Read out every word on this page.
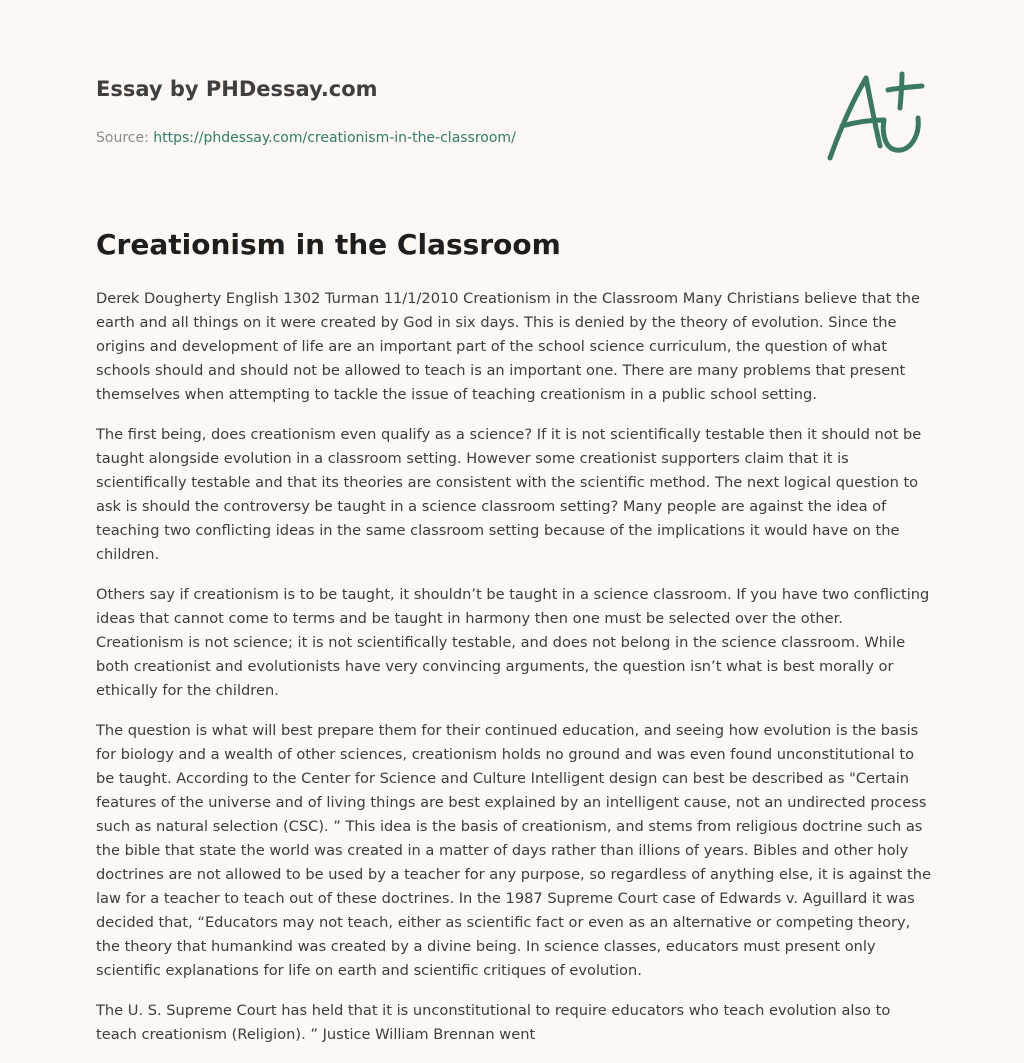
Essay by PHDessay.com
Source: https://phdessay.com/creationism-in-the-classroom/
Creationism in the Classroom

Derek Dougherty English 1302 Turman 11/1/2010 Creationism in the Classroom Many Christians believe that the earth and all things on it were created by God in six days. This is denied by the theory of evolution. Since the origins and development of life are an important part of the school science curriculum, the question of what schools should and should not be allowed to teach is an important one. There are many problems that present themselves when attempting to tackle the issue of teaching creationism in a public school setting.

The first being, does creationism even qualify as a science? If it is not scientifically testable then it should not be taught alongside evolution in a classroom setting. However some creationist supporters claim that it is scientifically testable and that its theories are consistent with the scientific method. The next logical question to ask is should the controversy be taught in a science classroom setting? Many people are against the idea of teaching two conflicting ideas in the same classroom setting because of the implications it would have on the children.

Others say if creationism is to be taught, it shouldn’t be taught in a science classroom. If you have two conflicting ideas that cannot come to terms and be taught in harmony then one must be selected over the other. Creationism is not science; it is not scientifically testable, and does not belong in the science classroom. While both creationist and evolutionists have very convincing arguments, the question isn’t what is best morally or ethically for the children.

The question is what will best prepare them for their continued education, and seeing how evolution is the basis for biology and a wealth of other sciences, creationism holds no ground and was even found unconstitutional to be taught. According to the Center for Science and Culture Intelligent design can best be described as "Certain features of the universe and of living things are best explained by an intelligent cause, not an undirected process such as natural selection (CSC). ” This idea is the basis of creationism, and stems from religious doctrine such as the bible that state the world was created in a matter of days rather than illions of years. Bibles and other holy doctrines are not allowed to be used by a teacher for any purpose, so regardless of anything else, it is against the law for a teacher to teach out of these doctrines. In the 1987 Supreme Court case of Edwards v. Aguillard it was decided that, “Educators may not teach, either as scientific fact or even as an alternative or competing theory, the theory that humankind was created by a divine being. In science classes, educators must present only scientific explanations for life on earth and scientific critiques of evolution.

The U. S. Supreme Court has held that it is unconstitutional to require educators who teach evolution also to teach creationism (Religion). ” Justice William Brennan went
